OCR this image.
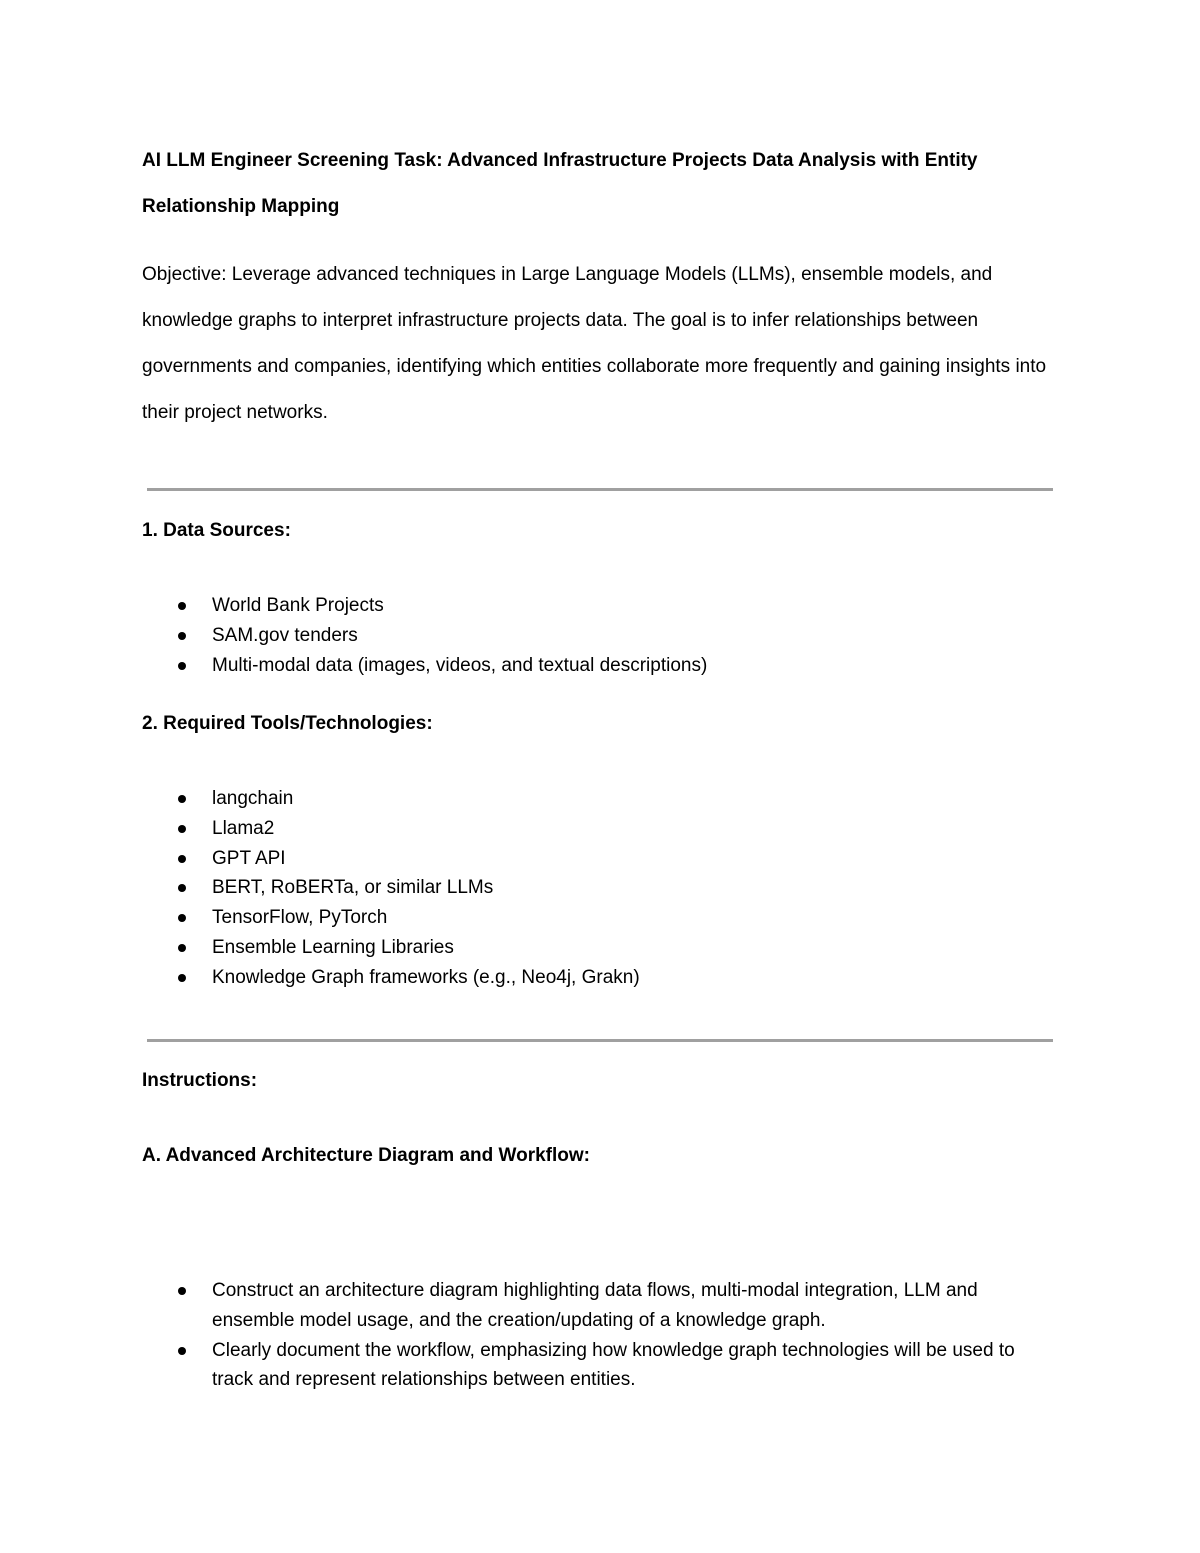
AI LLM Engineer Screening Task: Advanced Infrastructure Projects Data Analysis with Entity Relationship Mapping

Objective: Leverage advanced techniques in Large Language Models (LLMs), ensemble models, and knowledge graphs to interpret infrastructure projects data. The goal is to infer relationships between governments and companies, identifying which entities collaborate more frequently and gaining insights into their project networks.

1. Data Sources:

World Bank Projects
SAM.gov tenders
Multi-modal data (images, videos, and textual descriptions)

2. Required Tools/Technologies:

langchain
Llama2
GPT API
BERT, RoBERTa, or similar LLMs
TensorFlow, PyTorch
Ensemble Learning Libraries
Knowledge Graph frameworks (e.g., Neo4j, Grakn)

Instructions:

A. Advanced Architecture Diagram and Workflow:

Construct an architecture diagram highlighting data flows, multi-modal integration, LLM and ensemble model usage, and the creation/updating of a knowledge graph.
Clearly document the workflow, emphasizing how knowledge graph technologies will be used to track and represent relationships between entities.
